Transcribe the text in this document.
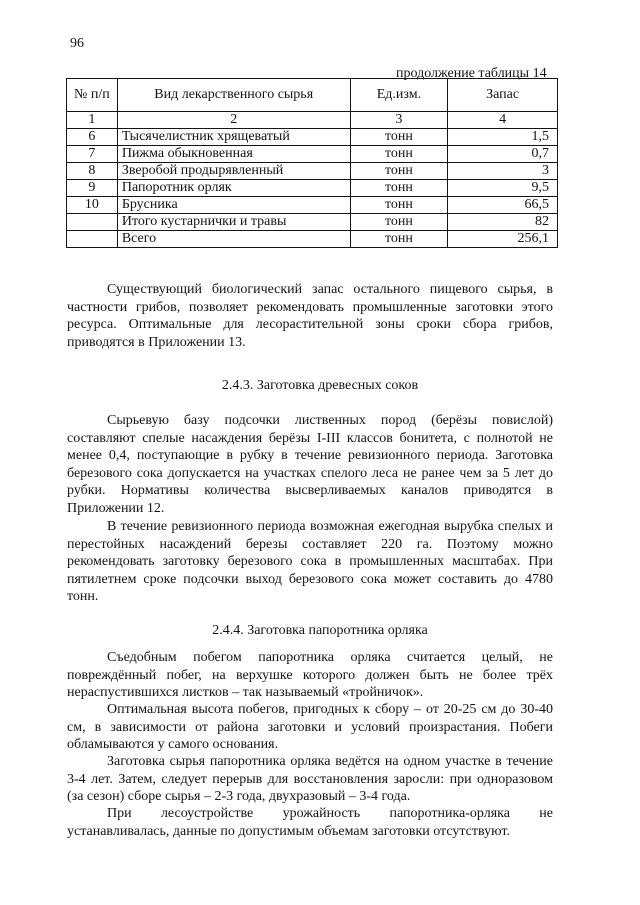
96
продолжение таблицы 14
№ п/п	Вид лекарственного сырья	Ед.изм.	Запас
1	2	3	4
6	Тысячелистник хрящеватый	тонн	1,5
7	Пижма обыкновенная	тонн	0,7
8	Зверобой продырявленный	тонн	3
9	Папоротник орляк	тонн	9,5
10	Брусника	тонн	66,5
	Итого кустарнички и травы	тонн	82
	Всего	тонн	256,1

Существующий биологический запас остального пищевого сырья, в частности грибов, позволяет рекомендовать промышленные заготовки этого ресурса. Оптимальные для лесорастительной зоны сроки сбора грибов, приводятся в Приложении 13.

2.4.3. Заготовка древесных соков

Сырьевую базу подсочки лиственных пород (берёзы повислой) составляют спелые насаждения берёзы I-III классов бонитета, с полнотой не менее 0,4, поступающие в рубку в течение ревизионного периода. Заготовка березового сока допускается на участках спелого леса не ранее чем за 5 лет до рубки. Нормативы количества высверливаемых каналов приводятся в Приложении 12.

В течение ревизионного периода возможная ежегодная вырубка спелых и перестойных насаждений березы составляет 220 га. Поэтому можно рекомендовать заготовку березового сока в промышленных масштабах. При пятилетнем сроке подсочки выход березового сока может составить до 4780 тонн.

2.4.4. Заготовка папоротника орляка

Съедобным побегом папоротника орляка считается целый, не повреждённый побег, на верхушке которого должен быть не более трёх нераспустившихся листков – так называемый «тройничок».

Оптимальная высота побегов, пригодных к сбору – от 20-25 см до 30-40 см, в зависимости от района заготовки и условий произрастания. Побеги обламываются у самого основания.

Заготовка сырья папоротника орляка ведётся на одном участке в течение 3-4 лет. Затем, следует перерыв для восстановления заросли: при одноразовом (за сезон) сборе сырья – 2-3 года, двухразовый – 3-4 года.

При лесоустройстве урожайность папоротника-орляка не устанавливалась, данные по допустимым объемам заготовки отсутствуют.
